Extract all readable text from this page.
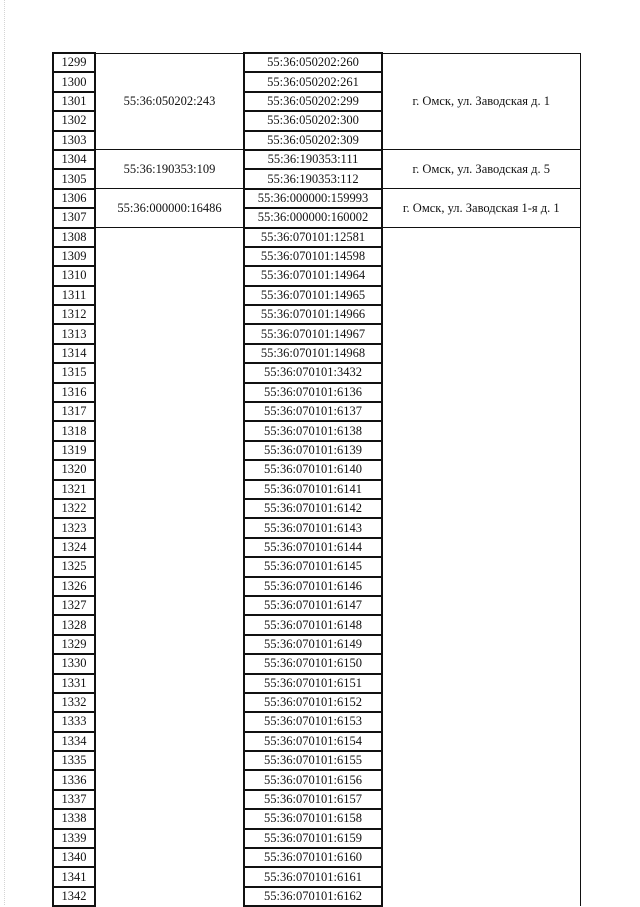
1299	55:36:050202:243	55:36:050202:260	г. Омск, ул. Заводская д. 1
1300		55:36:050202:261	
1301		55:36:050202:299	
1302		55:36:050202:300	
1303		55:36:050202:309	
1304	55:36:190353:109	55:36:190353:111	г. Омск, ул. Заводская д. 5
1305		55:36:190353:112	
1306	55:36:000000:16486	55:36:000000:159993	г. Омск, ул. Заводская 1-я д. 1
1307		55:36:000000:160002	
1308		55:36:070101:12581	
1309		55:36:070101:14598	
1310		55:36:070101:14964	
1311		55:36:070101:14965	
1312		55:36:070101:14966	
1313		55:36:070101:14967	
1314		55:36:070101:14968	
1315		55:36:070101:3432	
1316		55:36:070101:6136	
1317		55:36:070101:6137	
1318		55:36:070101:6138	
1319		55:36:070101:6139	
1320		55:36:070101:6140	
1321		55:36:070101:6141	
1322		55:36:070101:6142	
1323		55:36:070101:6143	
1324		55:36:070101:6144	
1325		55:36:070101:6145	
1326		55:36:070101:6146	
1327		55:36:070101:6147	
1328		55:36:070101:6148	
1329		55:36:070101:6149	
1330		55:36:070101:6150	
1331		55:36:070101:6151	
1332		55:36:070101:6152	
1333		55:36:070101:6153	
1334		55:36:070101:6154	
1335		55:36:070101:6155	
1336		55:36:070101:6156	
1337		55:36:070101:6157	
1338		55:36:070101:6158	
1339		55:36:070101:6159	
1340		55:36:070101:6160	
1341		55:36:070101:6161	
1342		55:36:070101:6162	
